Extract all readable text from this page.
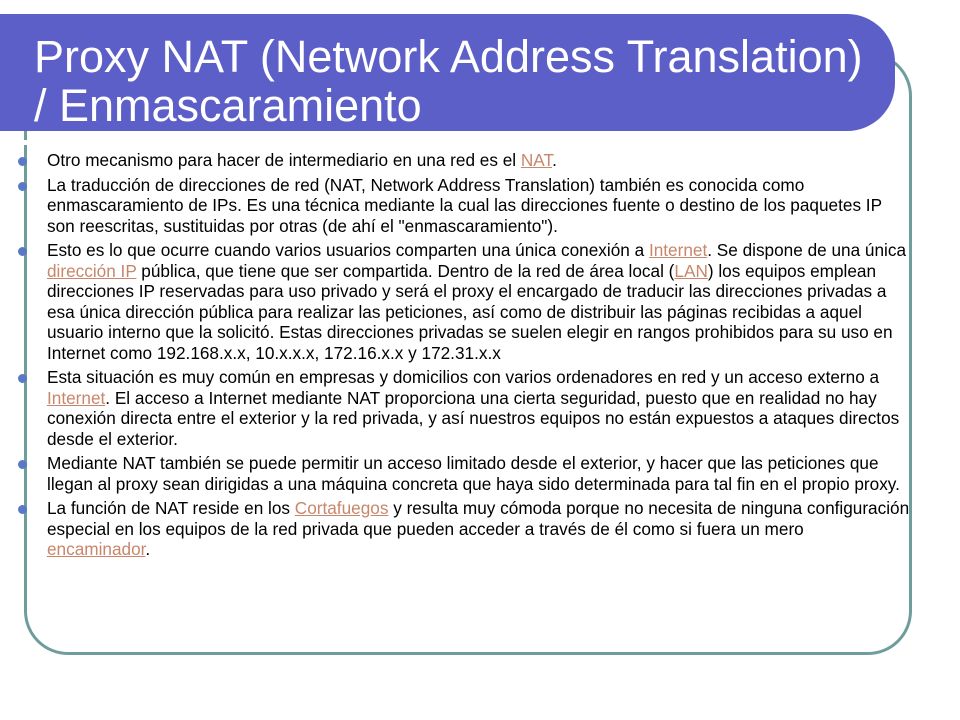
Proxy NAT (Network Address Translation) / Enmascaramiento
Otro mecanismo para hacer de intermediario en una red es el NAT.
La traducción de direcciones de red (NAT, Network Address Translation) también es conocida como enmascaramiento de IPs. Es una técnica mediante la cual las direcciones fuente o destino de los paquetes IP son reescritas, sustituidas por otras (de ahí el "enmascaramiento").
Esto es lo que ocurre cuando varios usuarios comparten una única conexión a Internet. Se dispone de una única dirección IP pública, que tiene que ser compartida. Dentro de la red de área local (LAN) los equipos emplean direcciones IP reservadas para uso privado y será el proxy el encargado de traducir las direcciones privadas a esa única dirección pública para realizar las peticiones, así como de distribuir las páginas recibidas a aquel usuario interno que la solicitó. Estas direcciones privadas se suelen elegir en rangos prohibidos para su uso en Internet como 192.168.x.x, 10.x.x.x, 172.16.x.x y 172.31.x.x
Esta situación es muy común en empresas y domicilios con varios ordenadores en red y un acceso externo a Internet. El acceso a Internet mediante NAT proporciona una cierta seguridad, puesto que en realidad no hay conexión directa entre el exterior y la red privada, y así nuestros equipos no están expuestos a ataques directos desde el exterior.
Mediante NAT también se puede permitir un acceso limitado desde el exterior, y hacer que las peticiones que llegan al proxy sean dirigidas a una máquina concreta que haya sido determinada para tal fin en el propio proxy.
La función de NAT reside en los Cortafuegos y resulta muy cómoda porque no necesita de ninguna configuración especial en los equipos de la red privada que pueden acceder a través de él como si fuera un mero encaminador.
